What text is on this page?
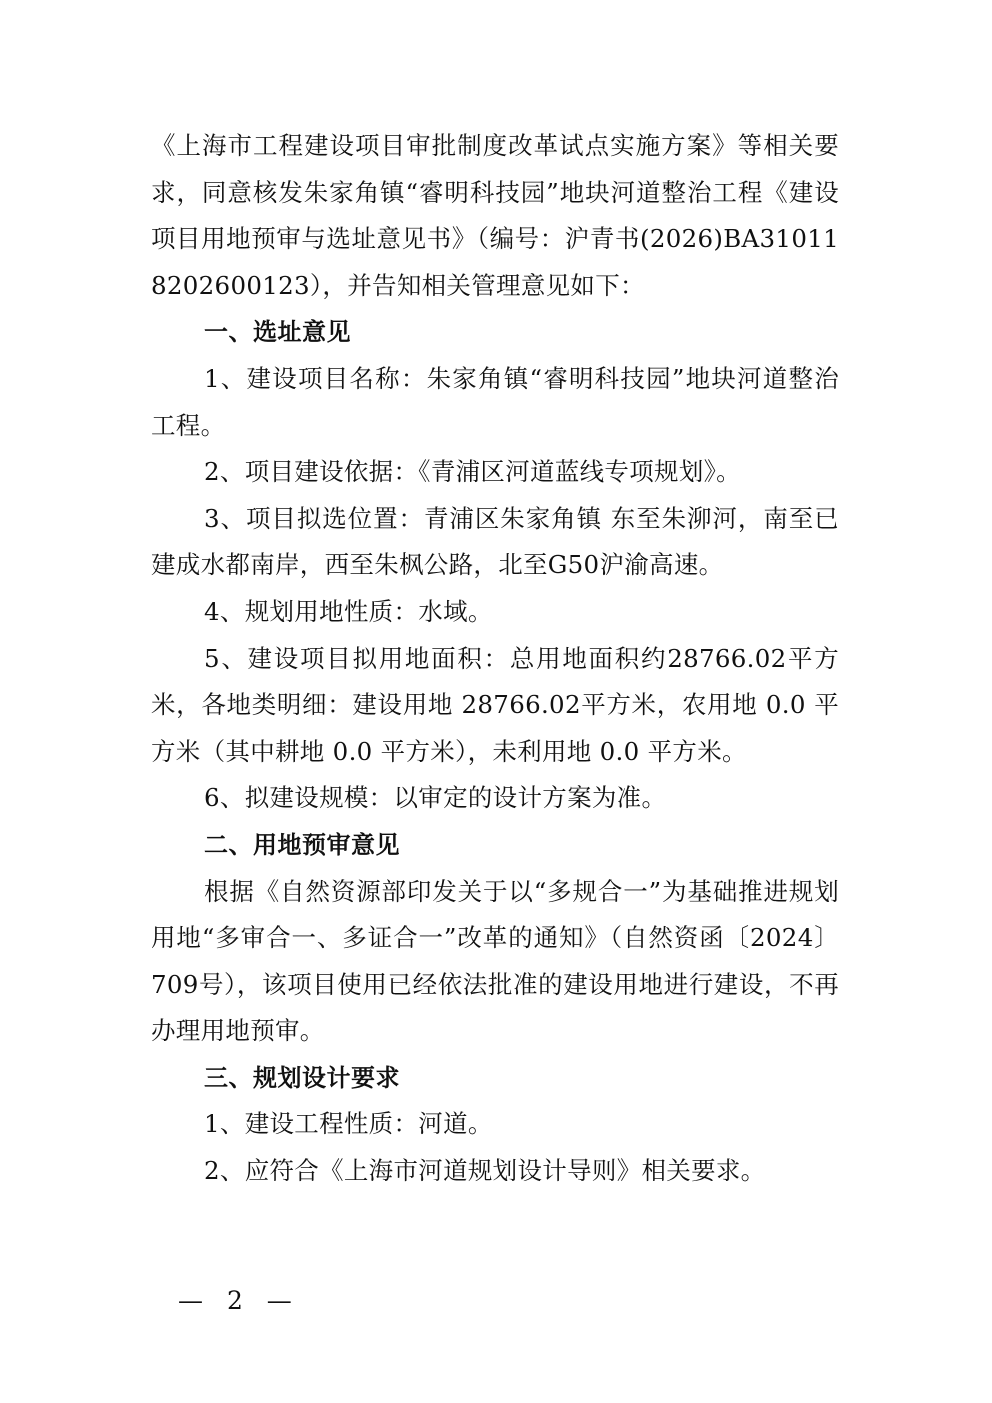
《上海市工程建设项目审批制度改革试点实施方案》等相关要求，同意核发朱家角镇“睿明科技园”地块河道整治工程《建设项目用地预审与选址意见书》（编号：沪青书(2026)BA310118202600123），并告知相关管理意见如下：

一、选址意见

1、建设项目名称：朱家角镇“睿明科技园”地块河道整治工程。

2、项目建设依据：《青浦区河道蓝线专项规划》。

3、项目拟选位置：青浦区朱家角镇 东至朱泖河，南至已建成水都南岸，西至朱枫公路，北至G50沪渝高速。

4、规划用地性质：水域。

5、建设项目拟用地面积：总用地面积约28766.02平方米，各地类明细：建设用地 28766.02平方米，农用地 0.0 平方米（其中耕地 0.0 平方米），未利用地 0.0 平方米。

6、拟建设规模：以审定的设计方案为准。

二、用地预审意见

根据《自然资源部印发关于以“多规合一”为基础推进规划用地“多审合一、多证合一”改革的通知》（自然资函〔2024〕709号），该项目使用已经依法批准的建设用地进行建设，不再办理用地预审。

三、规划设计要求

1、建设工程性质：河道。

2、应符合《上海市河道规划设计导则》相关要求。

— 2 —
